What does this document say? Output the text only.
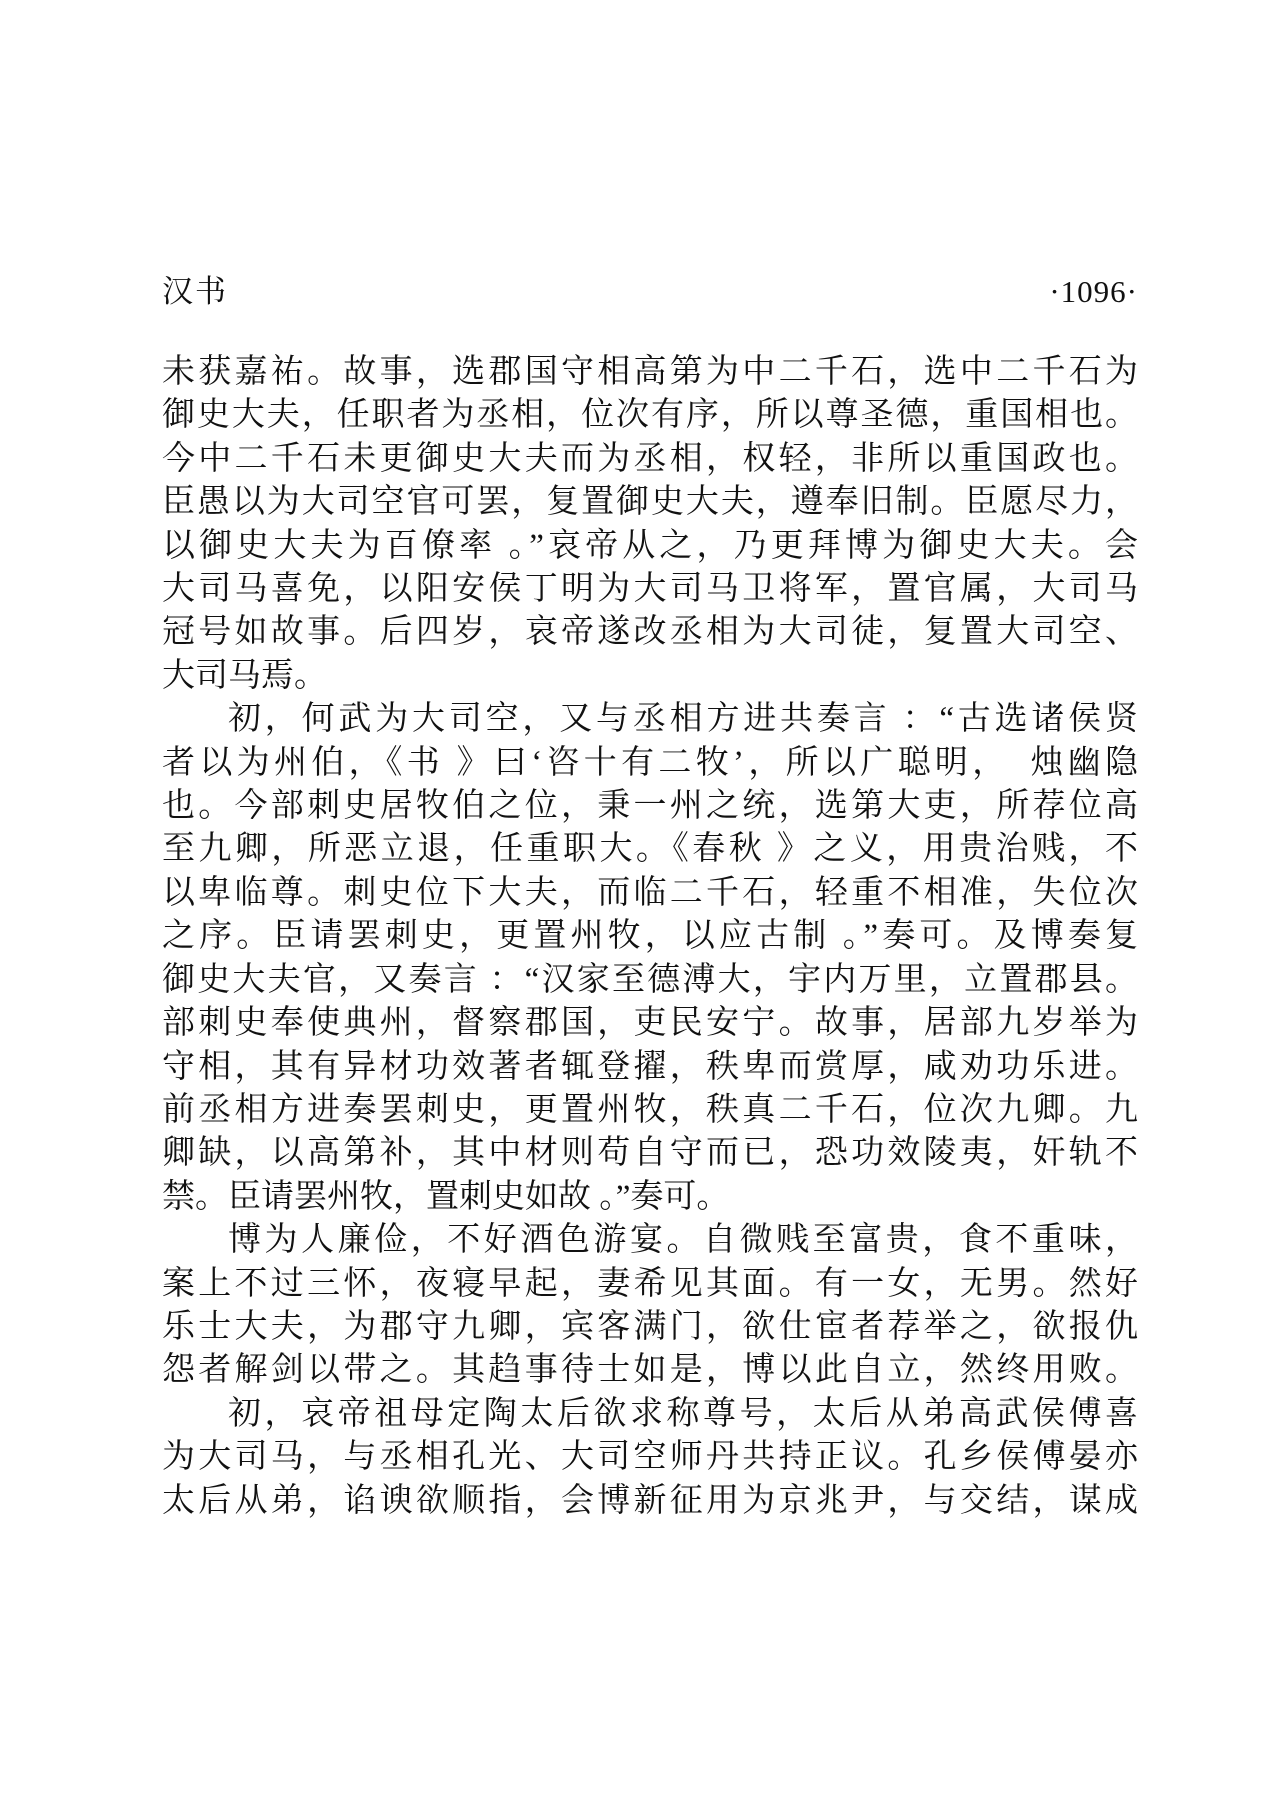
汉书	·1096·
未获嘉祐。故事，选郡国守相高第为中二千石，选中二千石为
御史大夫，任职者为丞相，位次有序，所以尊圣德，重国相也。
今中二千石未更御史大夫而为丞相，权轻，非所以重国政也。
臣愚以为大司空官可罢，复置御史大夫，遵奉旧制。臣愿尽力，
以御史大夫为百僚率 。”哀帝从之，乃更拜博为御史大夫。会
大司马喜免，以阳安侯丁明为大司马卫将军，置官属，大司马
冠号如故事。后四岁，哀帝遂改丞相为大司徒，复置大司空、
大司马焉。
初，何武为大司空，又与丞相方进共奏言 ：“古选诸侯贤
者以为州伯，《书 》曰‘咨十有二牧’，所以广聪明，　烛幽隐
也。今部刺史居牧伯之位，秉一州之统，选第大吏，所荐位高
至九卿，所恶立退，任重职大。《春秋 》之义，用贵治贱，不
以卑临尊。刺史位下大夫，而临二千石，轻重不相准，失位次
之序。臣请罢刺史，更置州牧，以应古制 。”奏可。及博奏复
御史大夫官，又奏言 ：“汉家至德溥大，宇内万里，立置郡县。
部刺史奉使典州，督察郡国，吏民安宁。故事，居部九岁举为
守相，其有异材功效著者辄登擢，秩卑而赏厚，咸劝功乐进。
前丞相方进奏罢刺史，更置州牧，秩真二千石，位次九卿。九
卿缺，以高第补，其中材则苟自守而已，恐功效陵夷，奸轨不
禁。臣请罢州牧，置刺史如故 。”奏可。
博为人廉俭，不好酒色游宴。自微贱至富贵，食不重味，
案上不过三怀，夜寝早起，妻希见其面。有一女，无男。然好
乐士大夫，为郡守九卿，宾客满门，欲仕宦者荐举之，欲报仇
怨者解剑以带之。其趋事待士如是，博以此自立，然终用败。
初，哀帝祖母定陶太后欲求称尊号，太后从弟高武侯傅喜
为大司马，与丞相孔光、大司空师丹共持正议。孔乡侯傅晏亦
太后从弟，谄谀欲顺指，会博新征用为京兆尹，与交结，谋成
